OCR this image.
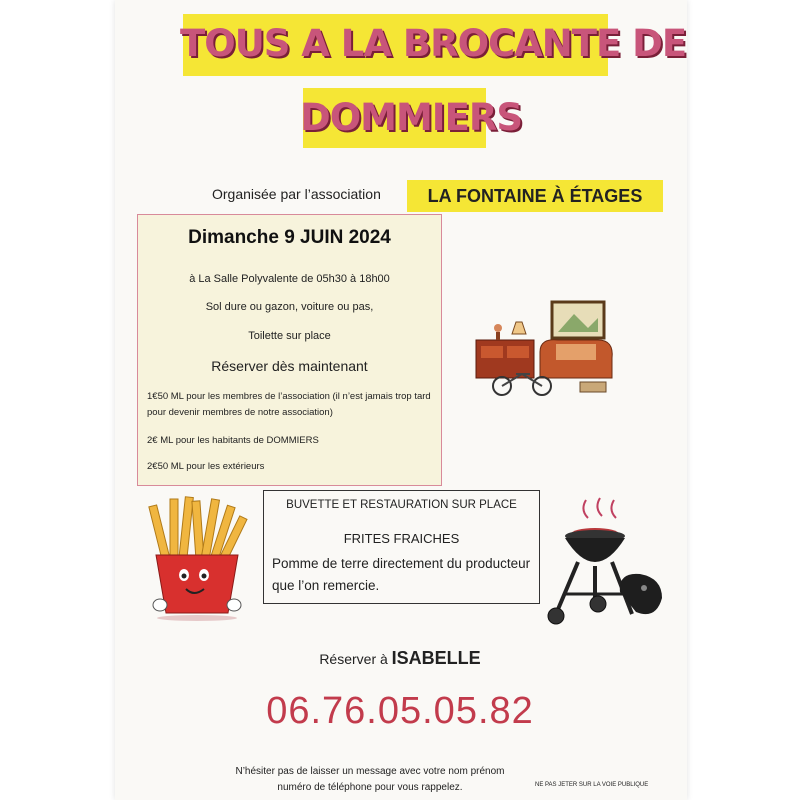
TOUS A LA BROCANTE DE
DOMMIERS
Organisée par l’association	LA FONTAINE À ÉTAGES
Dimanche 9 JUIN 2024
à La Salle Polyvalente de 05h30 à 18h00
Sol dure ou gazon, voiture ou pas,
Toilette sur place
Réserver dès maintenant
1€50 ML pour les membres de l’association (il n’est jamais trop tard pour devenir membres de notre association)
2€ ML pour les habitants de DOMMIERS
2€50 ML pour les extérieurs
BUVETTE ET RESTAURATION SUR PLACE
FRITES FRAICHES
Pomme de terre directement du producteur que l’on remercie.
Réserver à ISABELLE
06.76.05.05.82
N’hésiter pas de laisser un message avec votre nom prénom numéro de téléphone pour vous rappelez.	NE PAS JETER SUR LA VOIE PUBLIQUE
